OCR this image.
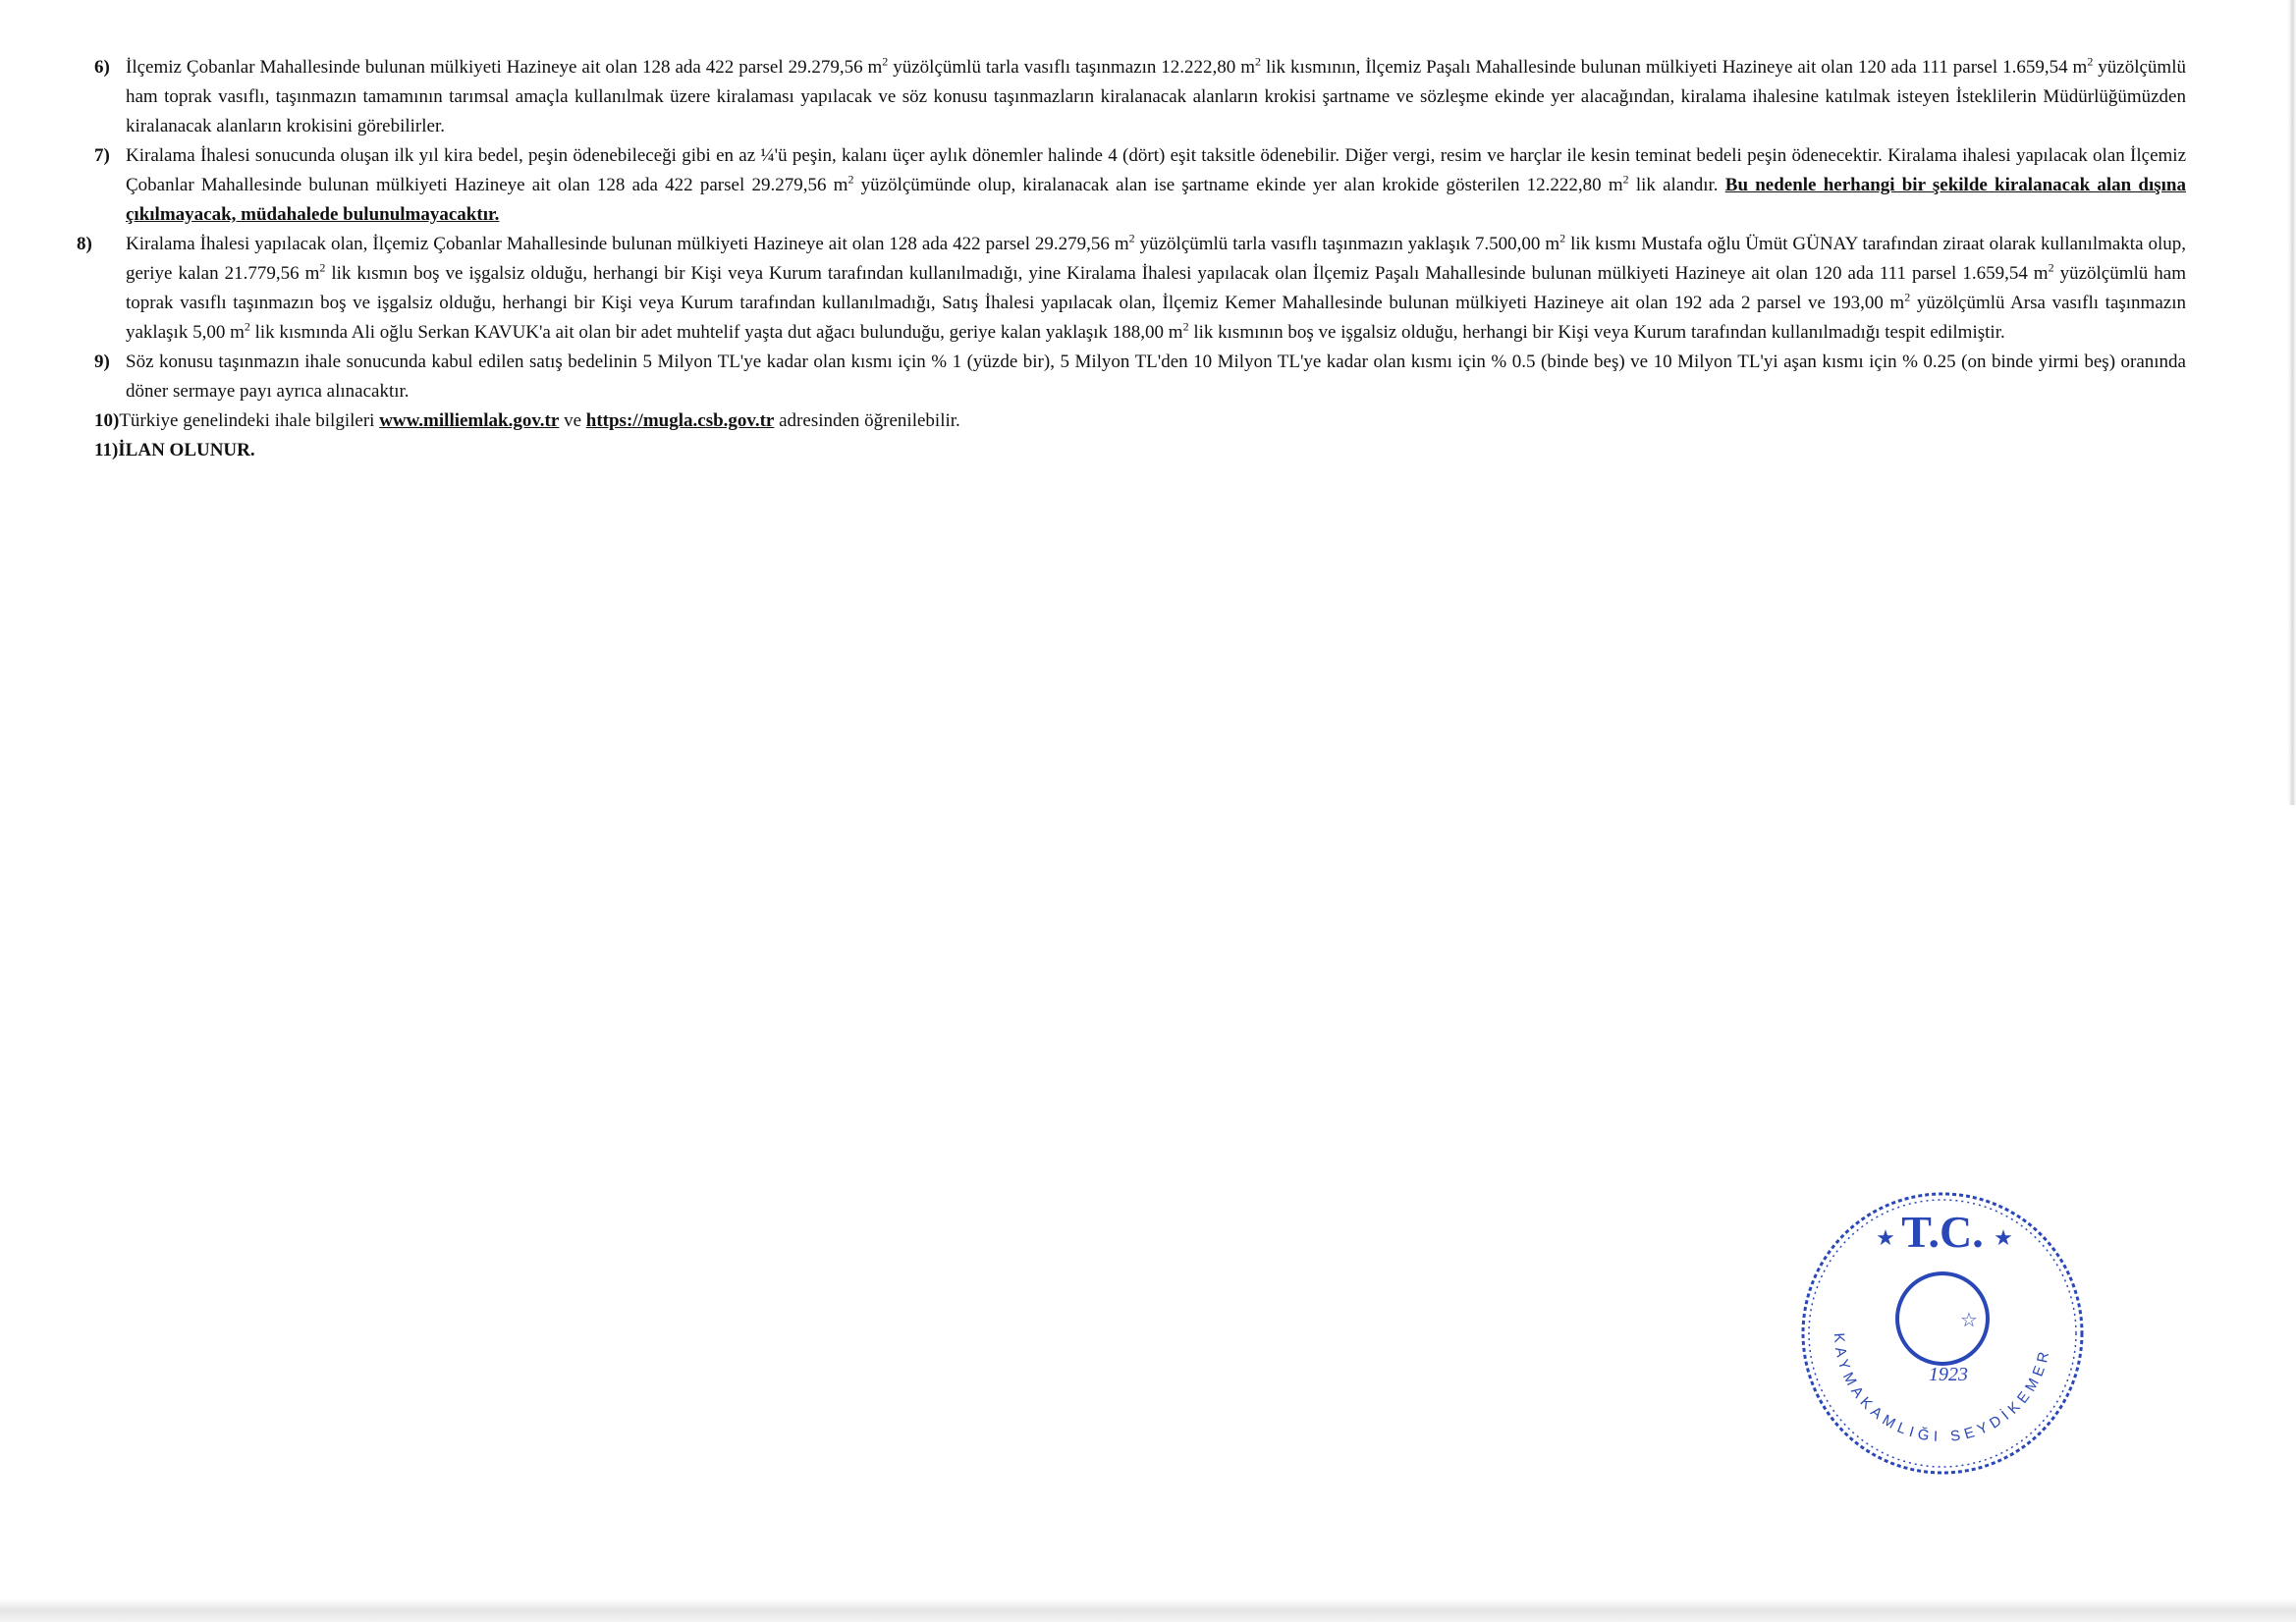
6) İlçemiz Çobanlar Mahallesinde bulunan mülkiyeti Hazineye ait olan 128 ada 422 parsel 29.279,56 $m^2$ yüzölçümlü tarla vasıflı taşınmazın 12.222,80 $m^2$ lik kısmının, İlçemiz Paşalı Mahallesinde bulunan mülkiyeti Hazineye ait olan 120 ada 111 parsel 1.659,54 $m^2$ yüzölçümlü ham toprak vasıflı, taşınmazın tamamının tarımsal amaçla kullanılmak üzere kiralaması yapılacak ve söz konusu taşınmazların kiralanacak alanların krokisi şartname ve sözleşme ekinde yer alacağından, kiralama ihalesine katılmak isteyen İsteklilerin Müdürlüğümüzden kiralanacak alanların krokisini görebilirler.
7) Kiralama İhalesi sonucunda oluşan ilk yıl kira bedel, peşin ödenebileceği gibi en az ¼'ü peşin, kalanı üçer aylık dönemler halinde 4 (dört) eşit taksitle ödenebilir. Diğer vergi, resim ve harçlar ile kesin teminat bedeli peşin ödenecektir. Kiralama ihalesi yapılacak olan İlçemiz Çobanlar Mahallesinde bulunan mülkiyeti Hazineye ait olan 128 ada 422 parsel 29.279,56 $m^2$ yüzölçümünde olup, kiralanacak alan ise şartname ekinde yer alan krokide gösterilen 12.222,80 $m^2$ lik alandır. Bu nedenle herhangi bir şekilde kiralanacak alan dışına çıkılmayacak, müdahalede bulunulmayacaktır.
8) Kiralama İhalesi yapılacak olan, İlçemiz Çobanlar Mahallesinde bulunan mülkiyeti Hazineye ait olan 128 ada 422 parsel 29.279,56 $m^2$ yüzölçümlü tarla vasıflı taşınmazın yaklaşık 7.500,00 $m^2$ lik kısmı Mustafa oğlu Ümüt GÜNAY tarafından ziraat olarak kullanılmakta olup, geriye kalan 21.779,56 $m^2$ lik kısmın boş ve işgalsiz olduğu, herhangi bir Kişi veya Kurum tarafından kullanılmadığı, yine Kiralama İhalesi yapılacak olan İlçemiz Paşalı Mahallesinde bulunan mülkiyeti Hazineye ait olan 120 ada 111 parsel 1.659,54 $m^2$ yüzölçümlü ham toprak vasıflı taşınmazın boş ve işgalsiz olduğu, herhangi bir Kişi veya Kurum tarafından kullanılmadığı, Satış İhalesi yapılacak olan, İlçemiz Kemer Mahallesinde bulunan mülkiyeti Hazineye ait olan 192 ada 2 parsel ve 193,00 $m^2$ yüzölçümlü Arsa vasıflı taşınmazın yaklaşık 5,00 $m^2$ lik kısmında Ali oğlu Serkan KAVUK'a ait olan bir adet muhtelif yaşta dut ağacı bulunduğu, geriye kalan yaklaşık 188,00 $m^2$ lik kısmının boş ve işgalsiz olduğu, herhangi bir Kişi veya Kurum tarafından kullanılmadığı tespit edilmiştir.
9) Söz konusu taşınmazın ihale sonucunda kabul edilen satış bedelinin 5 Milyon TL'ye kadar olan kısmı için % 1 (yüzde bir), 5 Milyon TL'den 10 Milyon TL'ye kadar olan kısmı için % 0.5 (binde beş) ve 10 Milyon TL'yi aşan kısmı için % 0.25 (on binde yirmi beş) oranında döner sermaye payı ayrıca alınacaktır.
10)Türkiye genelindeki ihale bilgileri www.milliemlak.gov.tr ve https://mugla.csb.gov.tr adresinden öğrenilebilir.
11)İLAN OLUNUR.
T.C.
★	★
☆
1923
KAYMAKAMLIĞI SEYDİKEMER
